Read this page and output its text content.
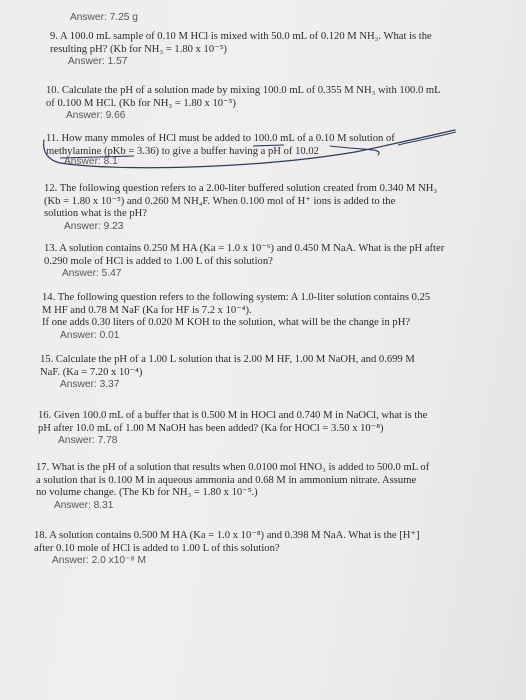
Answer: 7.25 g
9. A 100.0 mL sample of 0.10 M HCl is mixed with 50.0 mL of 0.120 M NH₃. What is the
resulting pH? (Kb for NH₃ = 1.80 x 10⁻⁵)
Answer: 1.57
10. Calculate the pH of a solution made by mixing 100.0 mL of 0.355 M NH₃ with 100.0 mL
of 0.100 M HCl. (Kb for NH₃ = 1.80 x 10⁻⁵)
Answer: 9.66
11. How many mmoles of HCl must be added to 100.0 mL of a 0.10 M solution of
methylamine (pKb = 3.36) to give a buffer having a pH of 10.02
Answer: 8.1
12. The following question refers to a 2.00-liter buffered solution created from 0.340 M NH₃
(Kb = 1.80 x 10⁻⁵) and 0.260 M NH₄F. When 0.100 mol of H⁺ ions is added to the
solution what is the pH?
Answer: 9.23
13. A solution contains 0.250 M HA (Ka = 1.0 x 10⁻⁶) and 0.450 M NaA. What is the pH after
0.290 mole of HCl is added to 1.00 L of this solution?
Answer: 5.47
14. The following question refers to the following system: A 1.0-liter solution contains 0.25
M HF and 0.78 M NaF (Ka for HF is 7.2 x 10⁻⁴).
If one adds 0.30 liters of 0.020 M KOH to the solution, what will be the change in pH?
Answer: 0.01
15. Calculate the pH of a 1.00 L solution that is 2.00 M HF, 1.00 M NaOH, and 0.699 M
NaF. (Ka = 7.20 x 10⁻⁴)
Answer: 3.37
16. Given 100.0 mL of a buffer that is 0.500 M in HOCl and 0.740 M in NaOCl, what is the
pH after 10.0 mL of 1.00 M NaOH has been added? (Ka for HOCl = 3.50 x 10⁻⁸)
Answer: 7.78
17. What is the pH of a solution that results when 0.0100 mol HNO₃ is added to 500.0 mL of
a solution that is 0.100 M in aqueous ammonia and 0.68 M in ammonium nitrate. Assume
no volume change. (The Kb for NH₃ = 1.80 x 10⁻⁵.)
Answer: 8.31
18. A solution contains 0.500 M HA (Ka = 1.0 x 10⁻⁸) and 0.398 M NaA. What is the [H⁺]
after 0.10 mole of HCl is added to 1.00 L of this solution?
Answer: 2.0 x10⁻⁸ M
